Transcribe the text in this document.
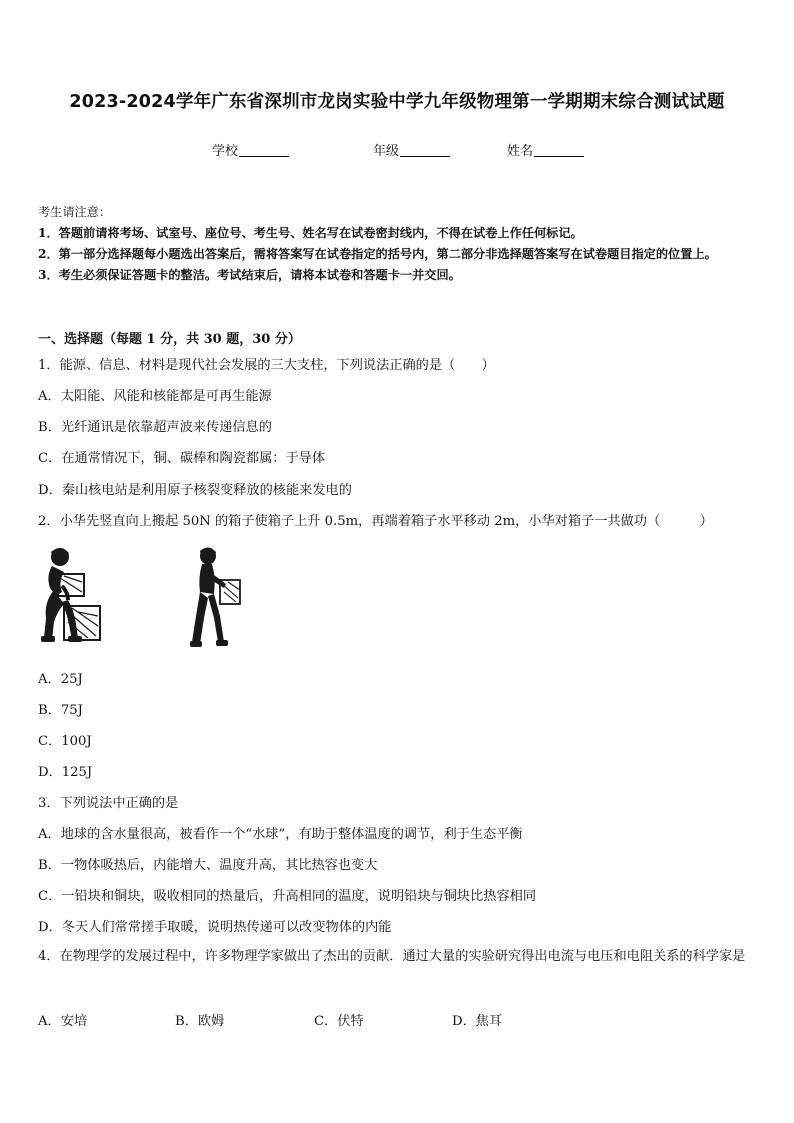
2023-2024学年广东省深圳市龙岗实验中学九年级物理第一学期期末综合测试试题
学校	年级	姓名
考生请注意：
1．答题前请将考场、试室号、座位号、考生号、姓名写在试卷密封线内，不得在试卷上作任何标记。
2．第一部分选择题每小题选出答案后，需将答案写在试卷指定的括号内，第二部分非选择题答案写在试卷题目指定的位置上。
3．考生必须保证答题卡的整洁。考试结束后，请将本试卷和答题卡一并交回。
一、选择题（每题 1 分，共 30 题，30 分）
1．能源、信息、材料是现代社会发展的三大支柱，下列说法正确的是（　　）
A．太阳能、风能和核能都是可再生能源
B．光纤通讯是依靠超声波来传递信息的
C．在通常情况下，铜、碳棒和陶瓷都属：于导体
D．秦山核电站是利用原子核裂变释放的核能来发电的
2．小华先竖直向上搬起 50N 的箱子使箱子上升 0.5m，再端着箱子水平移动 2m，小华对箱子一共做功（　　　）
A．25J
B．75J
C．100J
D．125J
3．下列说法中正确的是
A．地球的含水量很高，被看作一个“水球”，有助于整体温度的调节，利于生态平衡
B．一物体吸热后，内能增大、温度升高，其比热容也变大
C．一铅块和铜块，吸收相同的热量后，升高相同的温度，说明铅块与铜块比热容相同
D．冬天人们常常搓手取暖，说明热传递可以改变物体的内能
4．在物理学的发展过程中，许多物理学家做出了杰出的贡献．通过大量的实验研究得出电流与电压和电阻关系的科学家是
A．安培	B．欧姆	C．伏特	D．焦耳
